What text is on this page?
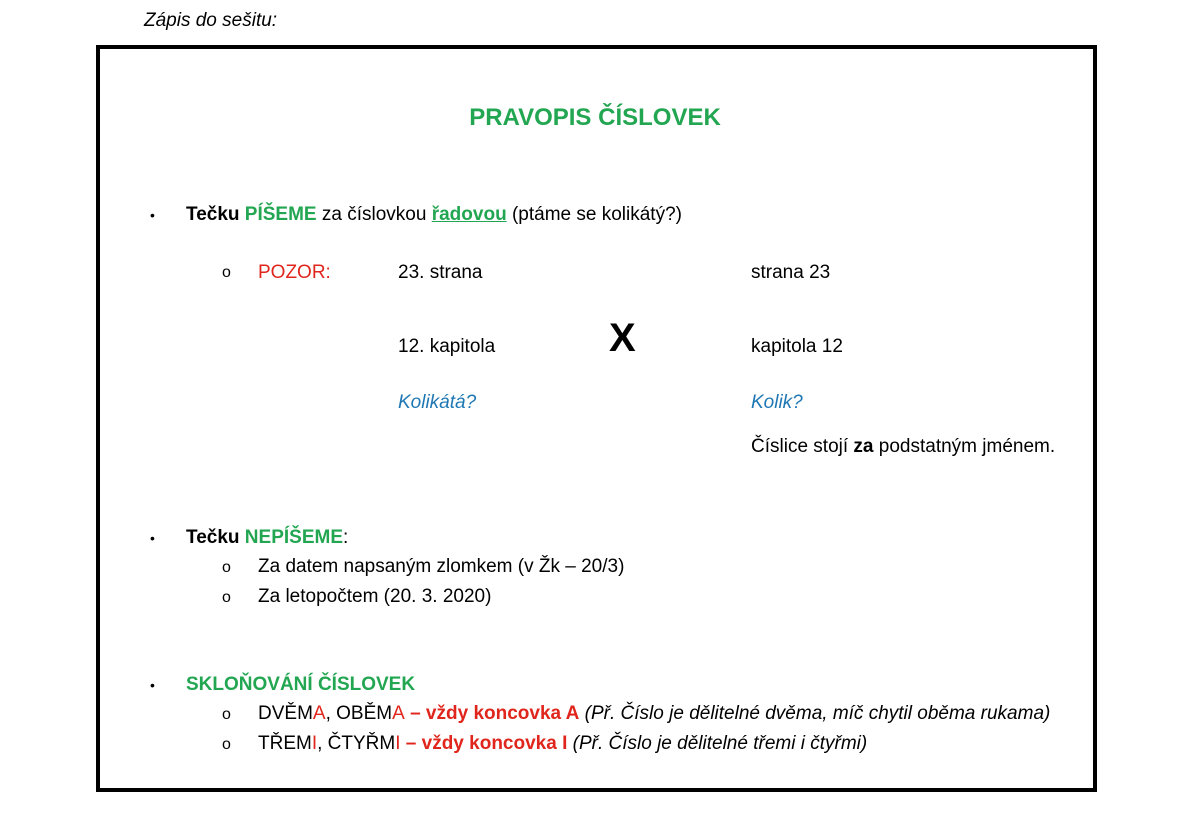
Zápis do sešitu:
PRAVOPIS ČÍSLOVEK
• Tečku PÍŠEME za číslovkou řadovou (ptáme se kolikátý?)
o POZOR:	23. strana
12. kapitola
Kolikátá?
X
strana 23
kapitola 12
Kolik?
Číslice stojí za podstatným jménem.
• Tečku NEPÍŠEME:
o Za datem napsaným zlomkem (v Žk – 20/3)
o Za letopočtem (20. 3. 2020)
• SKLOŇOVÁNÍ ČÍSLOVEK
o DVĚMA, OBĚMA – vždy koncovka A (Př. Číslo je dělitelné dvěma, míč chytil oběma rukama)
o TŘEMI, ČTYŘMI – vždy koncovka I (Př. Číslo je dělitelné třemi i čtyřmi)
